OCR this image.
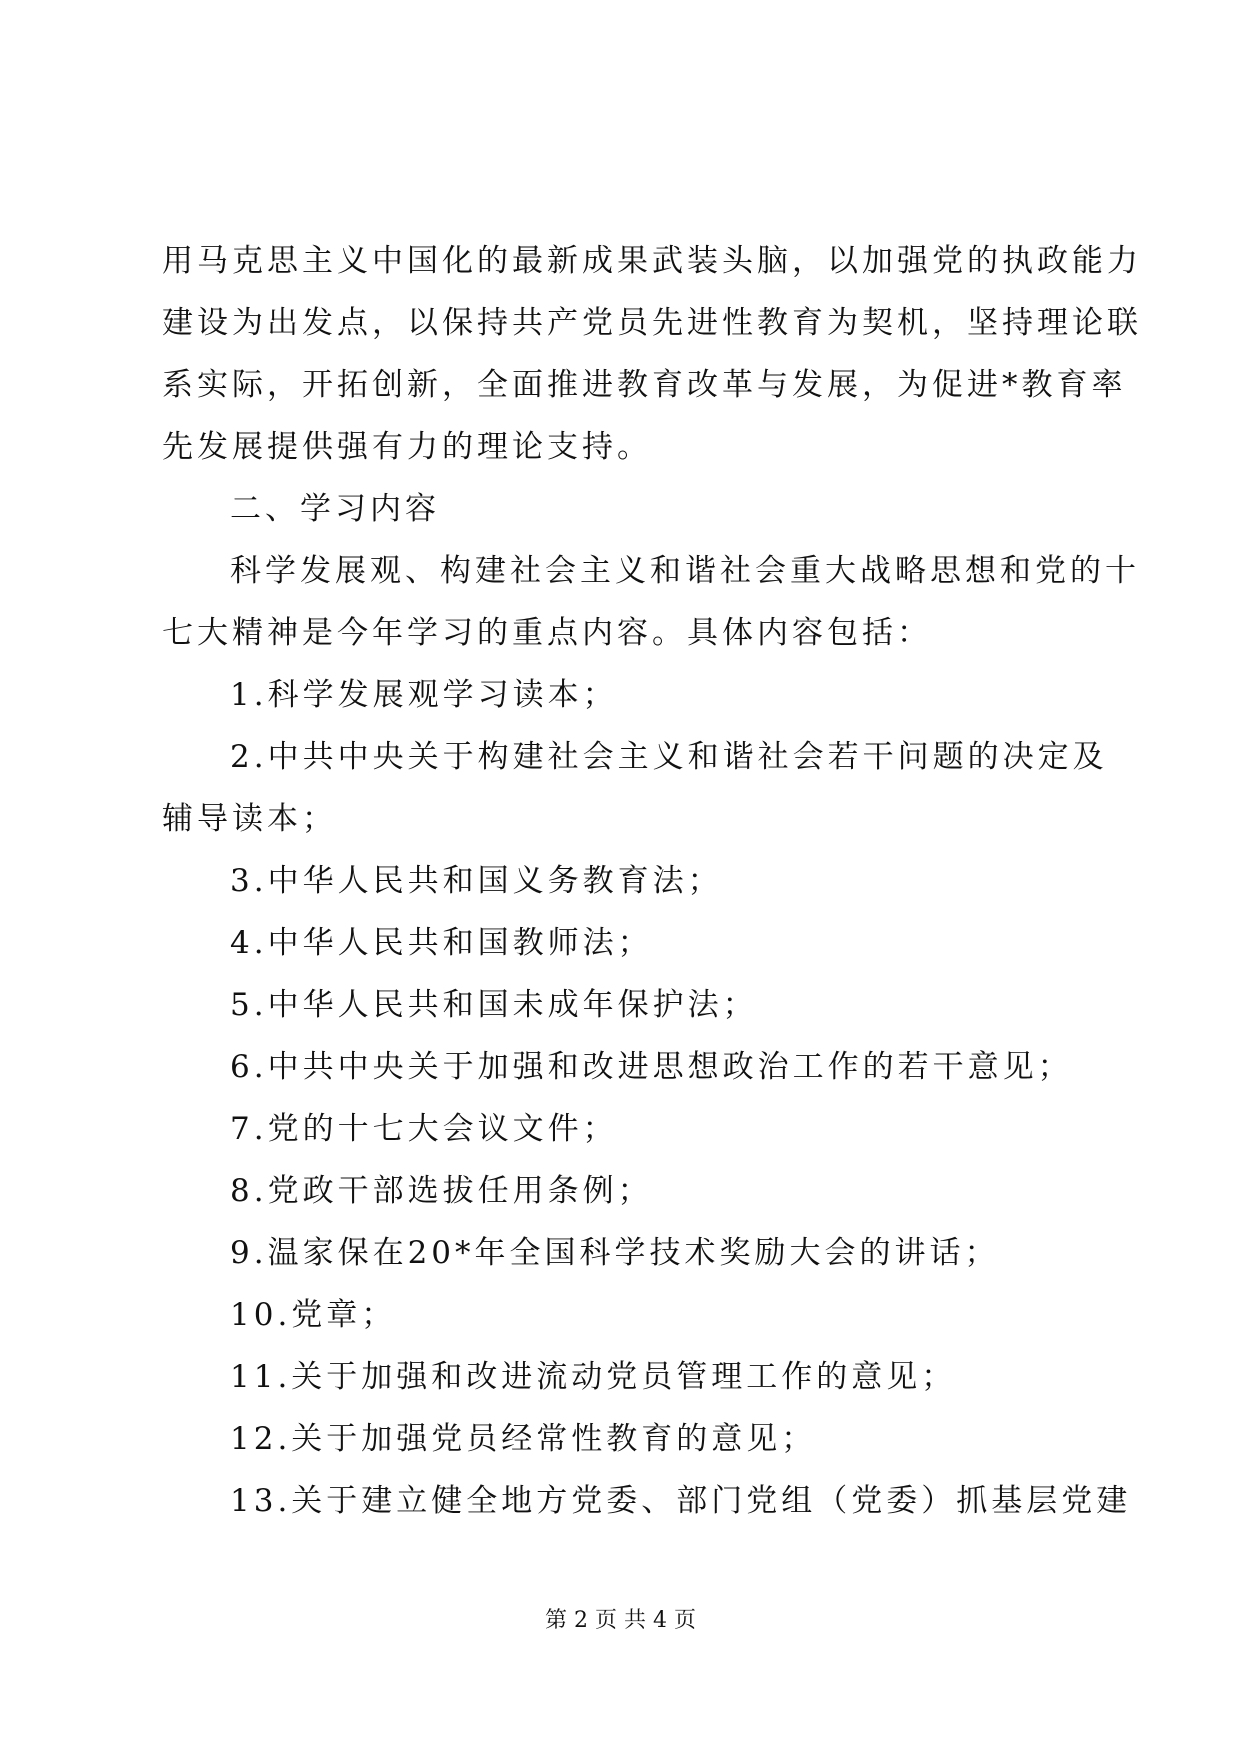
用马克思主义中国化的最新成果武装头脑，以加强党的执政能力
建设为出发点，以保持共产党员先进性教育为契机，坚持理论联
系实际，开拓创新，全面推进教育改革与发展，为促进*教育率
先发展提供强有力的理论支持。
二、学习内容
科学发展观、构建社会主义和谐社会重大战略思想和党的十
七大精神是今年学习的重点内容。具体内容包括：
1.科学发展观学习读本；
2.中共中央关于构建社会主义和谐社会若干问题的决定及
辅导读本；
3.中华人民共和国义务教育法；
4.中华人民共和国教师法；
5.中华人民共和国未成年保护法；
6.中共中央关于加强和改进思想政治工作的若干意见；
7.党的十七大会议文件；
8.党政干部选拔任用条例；
9.温家保在20*年全国科学技术奖励大会的讲话；
10.党章；
11.关于加强和改进流动党员管理工作的意见；
12.关于加强党员经常性教育的意见；
13.关于建立健全地方党委、部门党组（党委）抓基层党建
第 2 页 共 4 页
